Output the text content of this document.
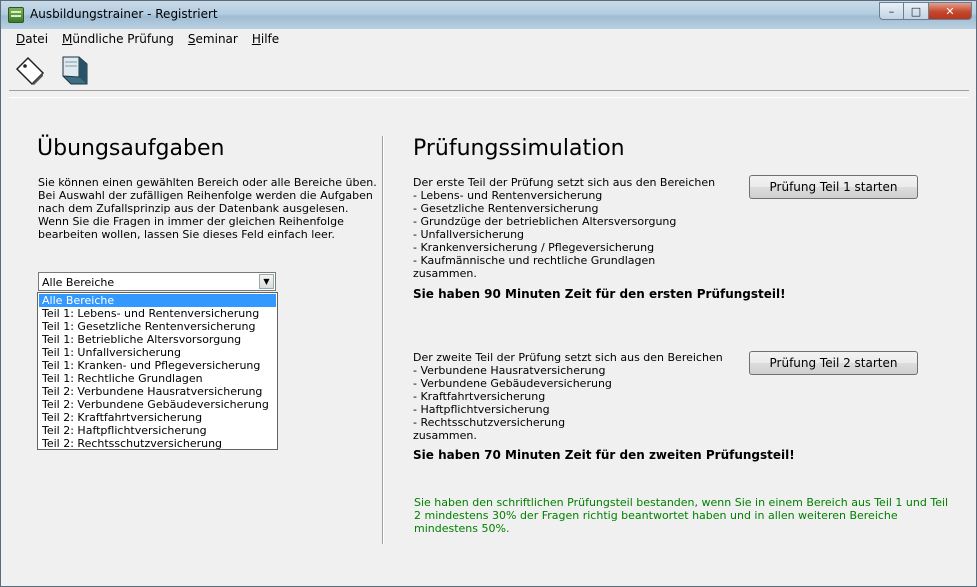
Ausbildungstrainer - Registriert	–	□	✕
Datei	Mündliche Prüfung	Seminar	Hilfe
Übungsaufgaben
Sie können einen gewählten Bereich oder alle Bereiche üben.
Bei Auswahl der zufälligen Reihenfolge werden die Aufgaben
nach dem Zufallsprinzip aus der Datenbank ausgelesen.
Wenn Sie die Fragen in immer der gleichen Reihenfolge
bearbeiten wollen, lassen Sie dieses Feld einfach leer.
Alle Bereiche	▼
Alle Bereiche
Teil 1: Lebens- und Rentenversicherung
Teil 1: Gesetzliche Rentenversicherung
Teil 1: Betriebliche Altersvorsorgung
Teil 1: Unfallversicherung
Teil 1: Kranken- und Pflegeversicherung
Teil 1: Rechtliche Grundlagen
Teil 2: Verbundene Hausratversicherung
Teil 2: Verbundene Gebäudeversicherung
Teil 2: Kraftfahrtversicherung
Teil 2: Haftpflichtversicherung
Teil 2: Rechtsschutzversicherung
Prüfungssimulation
Der erste Teil der Prüfung setzt sich aus den Bereichen
- Lebens- und Rentenversicherung
- Gesetzliche Rentenversicherung
- Grundzüge der betrieblichen Altersversorgung
- Unfallversicherung
- Krankenversicherung / Pflegeversicherung
- Kaufmännische und rechtliche Grundlagen
zusammen.
Prüfung Teil 1 starten
Sie haben 90 Minuten Zeit für den ersten Prüfungsteil!
Der zweite Teil der Prüfung setzt sich aus den Bereichen
- Verbundene Hausratversicherung
- Verbundene Gebäudeversicherung
- Kraftfahrtversicherung
- Haftpflichtversicherung
- Rechtsschutzversicherung
zusammen.
Prüfung Teil 2 starten
Sie haben 70 Minuten Zeit für den zweiten Prüfungsteil!
Sie haben den schriftlichen Prüfungsteil bestanden, wenn Sie in einem Bereich aus Teil 1 und Teil 2 mindestens 30% der Fragen richtig beantwortet haben und in allen weiteren Bereiche mindestens 50%.
